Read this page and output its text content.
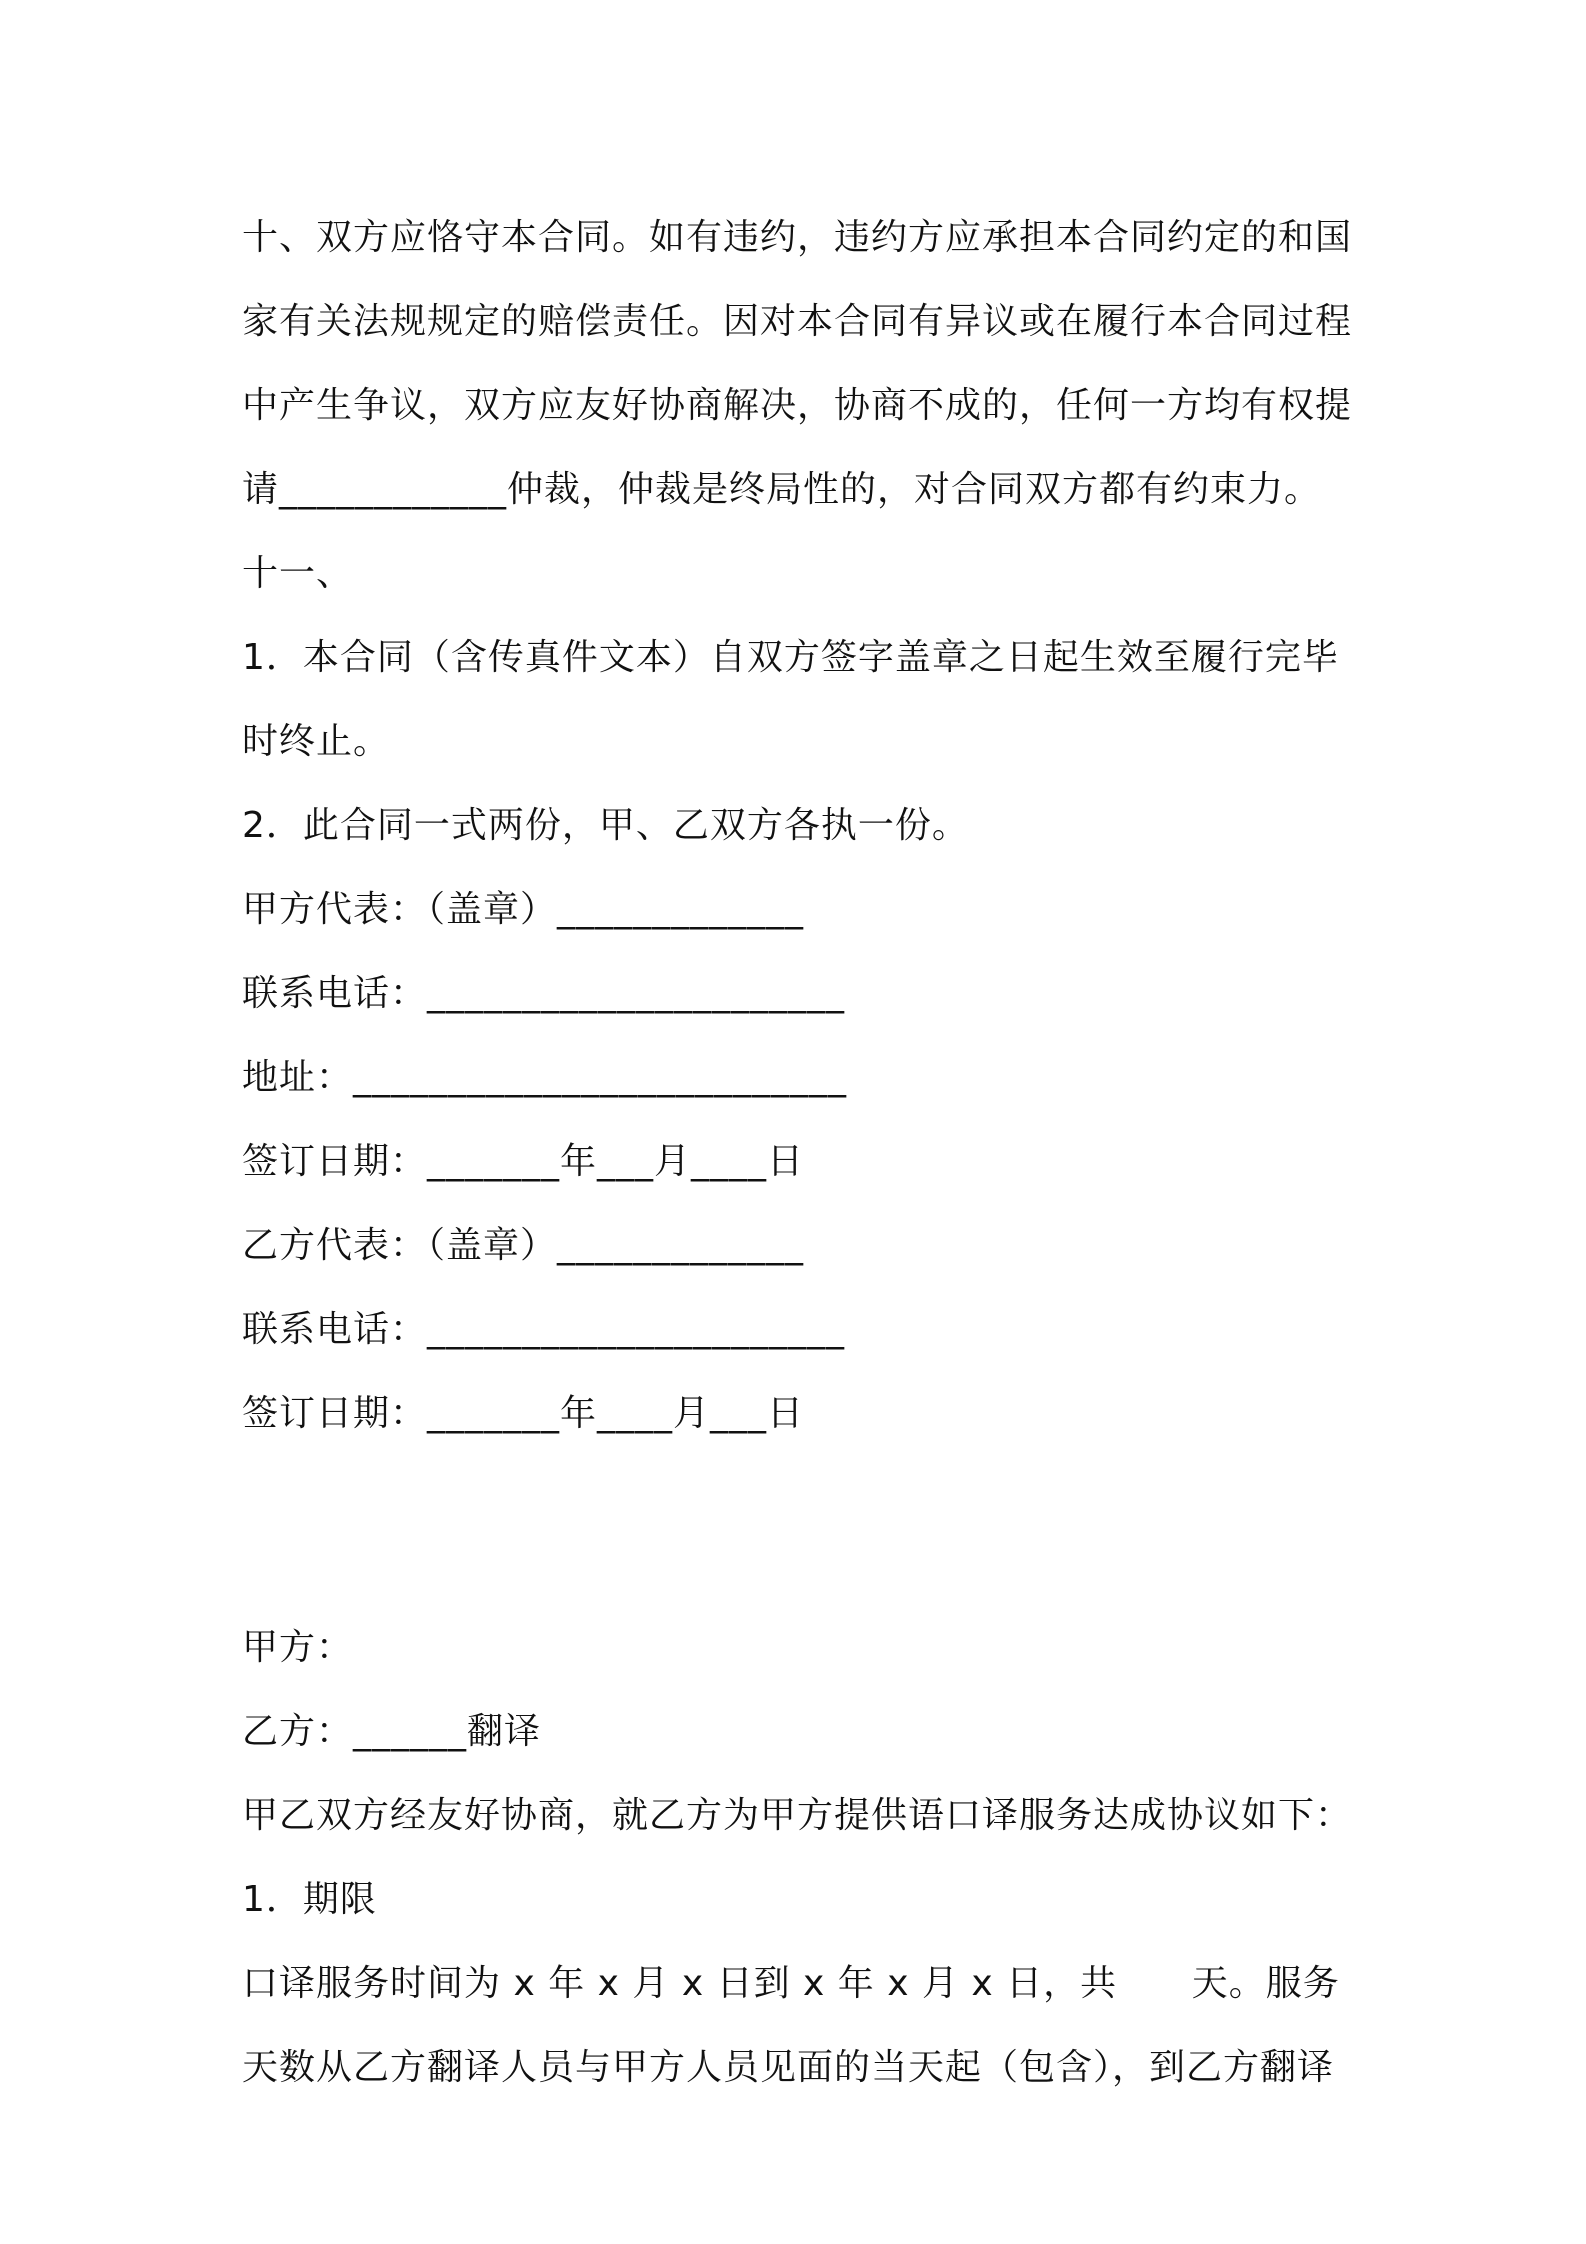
十、双方应恪守本合同。如有违约，违约方应承担本合同约定的和国
家有关法规规定的赔偿责任。因对本合同有异议或在履行本合同过程
中产生争议，双方应友好协商解决，协商不成的，任何一方均有权提
请____________仲裁，仲裁是终局性的，对合同双方都有约束力。
十一、
1．本合同（含传真件文本）自双方签字盖章之日起生效至履行完毕
时终止。
2．此合同一式两份，甲、乙双方各执一份。
甲方代表：（盖章）_____________
联系电话：______________________
地址：__________________________
签订日期：_______年___月____日
乙方代表：（盖章）_____________
联系电话：______________________
签订日期：_______年____月___日
甲方：
乙方：______翻译
甲乙双方经友好协商，就乙方为甲方提供语口译服务达成协议如下：
1．期限
口译服务时间为 x 年 x 月 x 日到 x 年 x 月 x 日，共      天。服务
天数从乙方翻译人员与甲方人员见面的当天起（包含），到乙方翻译
